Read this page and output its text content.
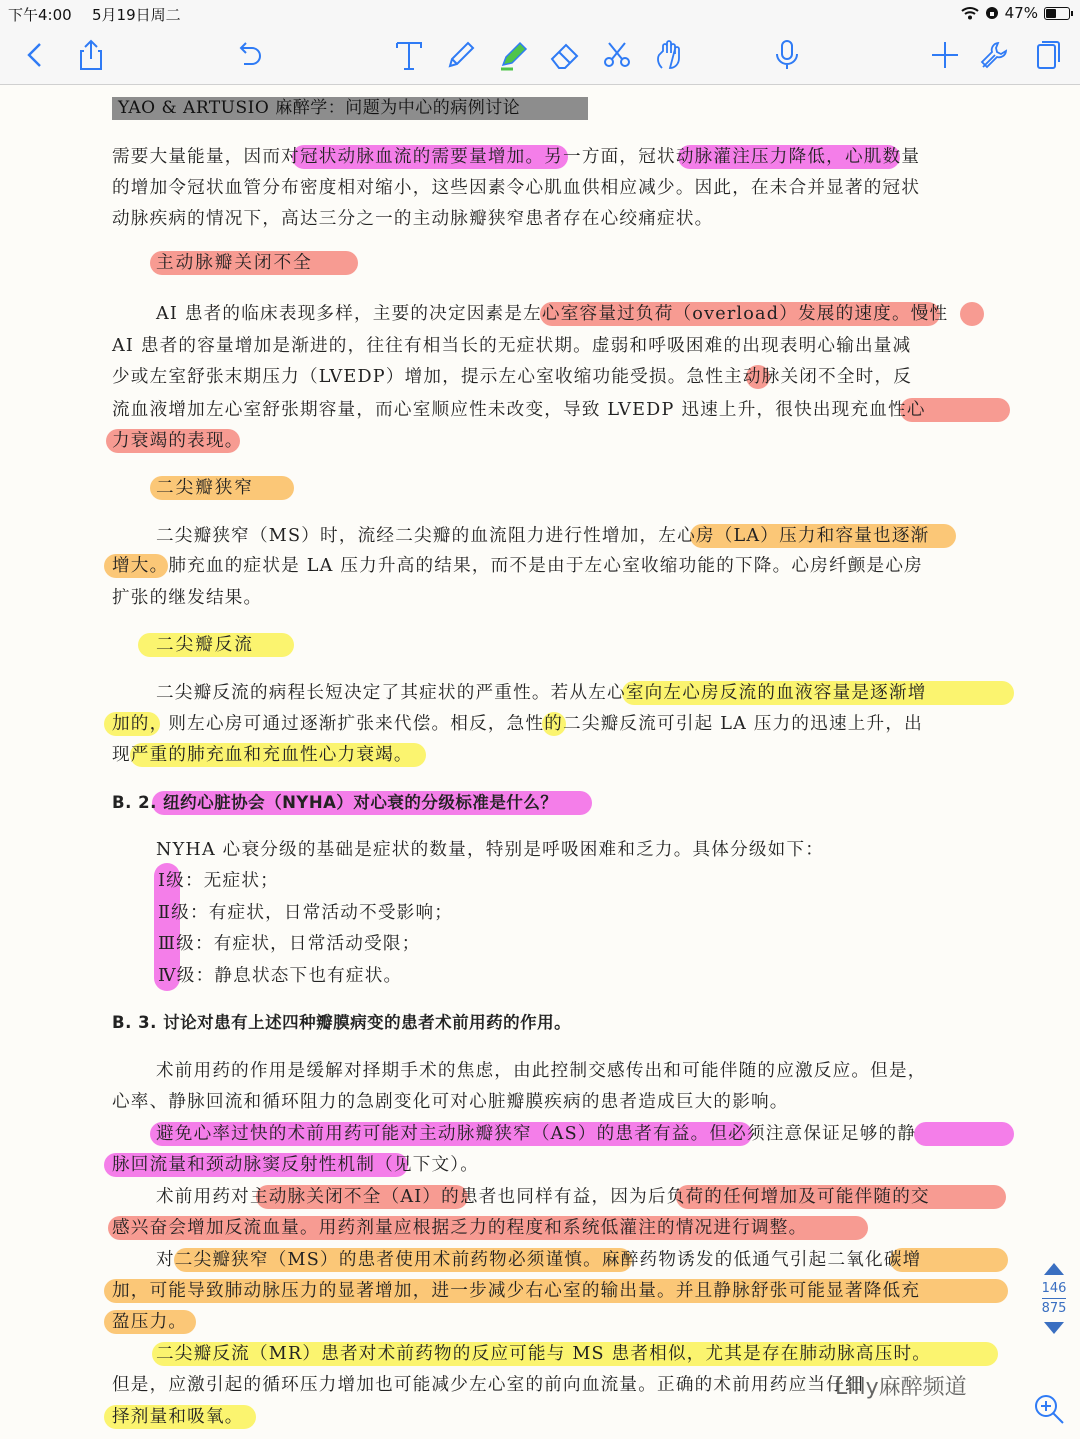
下午4:00 5月19日周二	47%
YAO & ARTUSIO 麻醉学：问题为中心的病例讨论
需要大量能量，因而对冠状动脉血流的需要量增加。另一方面，冠状动脉灌注压力降低，心肌数量
的增加令冠状血管分布密度相对缩小，这些因素令心肌血供相应减少。因此，在未合并显著的冠状
动脉疾病的情况下，高达三分之一的主动脉瓣狭窄患者存在心绞痛症状。
主动脉瓣关闭不全
AI 患者的临床表现多样，主要的决定因素是左心室容量过负荷（overload）发展的速度。慢性
AI 患者的容量增加是渐进的，往往有相当长的无症状期。虚弱和呼吸困难的出现表明心输出量减
少或左室舒张末期压力（LVEDP）增加，提示左心室收缩功能受损。急性主动脉关闭不全时，反
流血液增加左心室舒张期容量，而心室顺应性未改变，导致 LVEDP 迅速上升，很快出现充血性心
力衰竭的表现。
二尖瓣狭窄
二尖瓣狭窄（MS）时，流经二尖瓣的血流阻力进行性增加，左心房（LA）压力和容量也逐渐
增大。肺充血的症状是 LA 压力升高的结果，而不是由于左心室收缩功能的下降。心房纤颤是心房
扩张的继发结果。
二尖瓣反流
二尖瓣反流的病程长短决定了其症状的严重性。若从左心室向左心房反流的血液容量是逐渐增
加的，则左心房可通过逐渐扩张来代偿。相反，急性的二尖瓣反流可引起 LA 压力的迅速上升，出
现严重的肺充血和充血性心力衰竭。
B. 2. 纽约心脏协会（NYHA）对心衰的分级标准是什么？
NYHA 心衰分级的基础是症状的数量，特别是呼吸困难和乏力。具体分级如下：
Ⅰ级：无症状；
Ⅱ级：有症状，日常活动不受影响；
Ⅲ级：有症状，日常活动受限；
Ⅳ级：静息状态下也有症状。
B. 3. 讨论对患有上述四种瓣膜病变的患者术前用药的作用。
术前用药的作用是缓解对择期手术的焦虑，由此控制交感传出和可能伴随的应激反应。但是，
心率、静脉回流和循环阻力的急剧变化可对心脏瓣膜疾病的患者造成巨大的影响。
避免心率过快的术前用药可能对主动脉瓣狭窄（AS）的患者有益。但必须注意保证足够的静
脉回流量和颈动脉窦反射性机制（见下文）。
术前用药对主动脉关闭不全（AI）的患者也同样有益，因为后负荷的任何增加及可能伴随的交
感兴奋会增加反流血量。用药剂量应根据乏力的程度和系统低灌注的情况进行调整。
对二尖瓣狭窄（MS）的患者使用术前药物必须谨慎。麻醉药物诱发的低通气引起二氧化碳增
加，可能导致肺动脉压力的显著增加，进一步减少右心室的输出量。并且静脉舒张可能显著降低充
盈压力。
二尖瓣反流（MR）患者对术前药物的反应可能与 MS 患者相似，尤其是存在肺动脉高压时。
但是，应激引起的循环压力增加也可能减少左心室的前向血流量。正确的术前用药应当仔细
择剂量和吸氧。
146
875
Lilly麻醉频道
